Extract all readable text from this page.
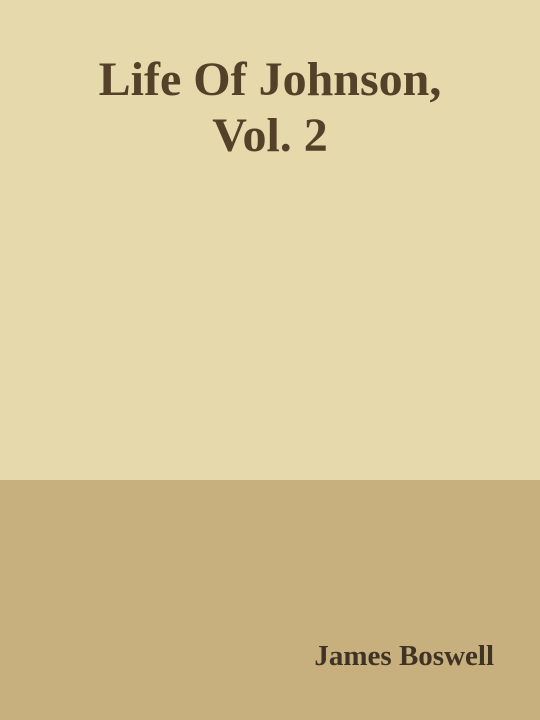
Life Of Johnson,
Vol. 2

James Boswell
